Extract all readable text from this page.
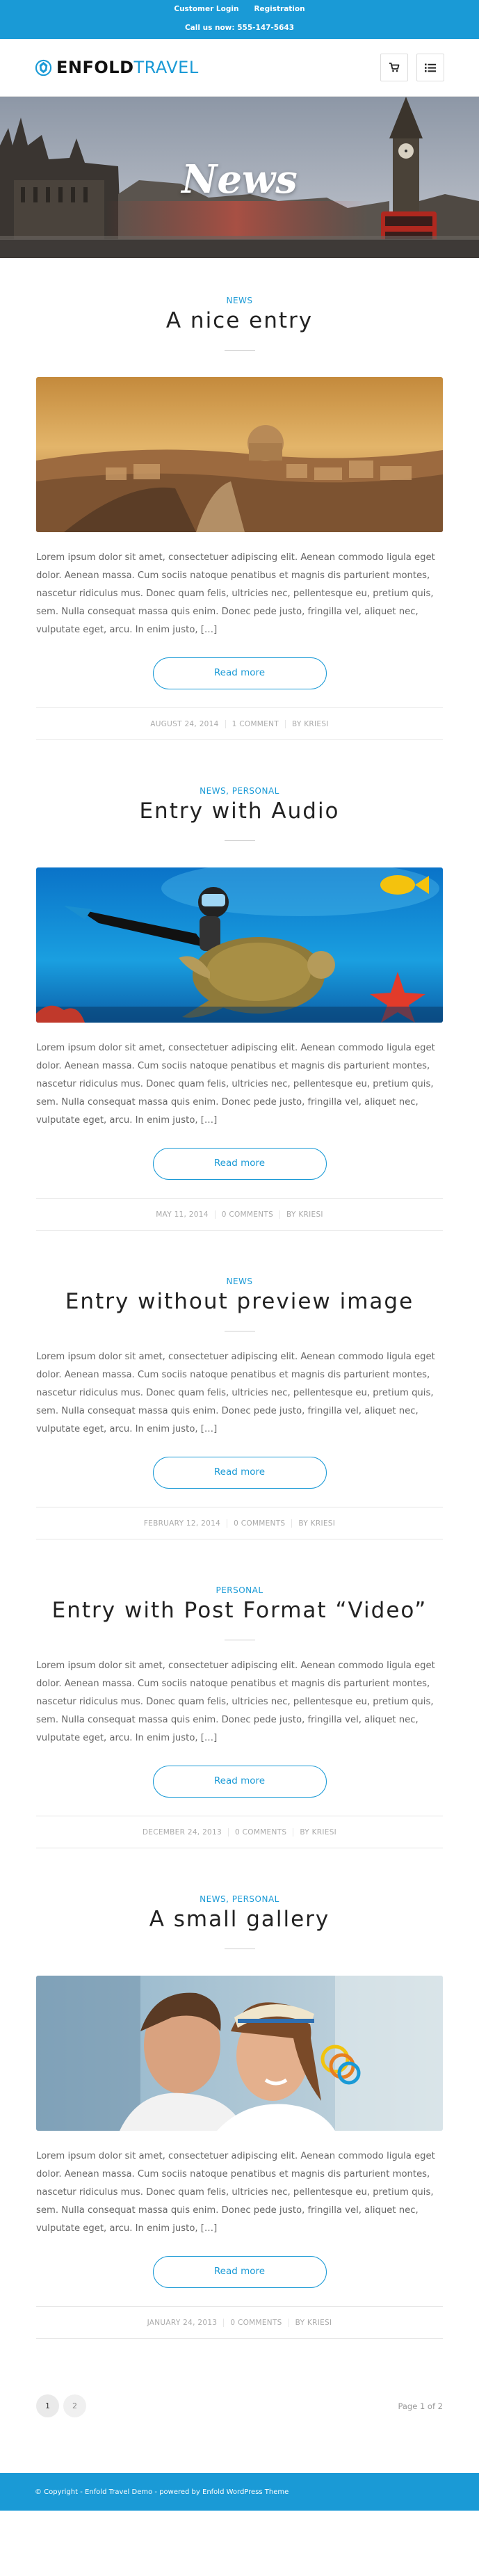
Customer Login Registration
Call us now: 555-147-5643
ENFOLDTRAVEL
News
NEWS
A nice entry

Lorem ipsum dolor sit amet, consectetuer adipiscing elit. Aenean commodo ligula eget dolor. Aenean massa. Cum sociis natoque penatibus et magnis dis parturient montes, nascetur ridiculus mus. Donec quam felis, ultricies nec, pellentesque eu, pretium quis, sem. Nulla consequat massa quis enim. Donec pede justo, fringilla vel, aliquet nec, vulputate eget, arcu. In enim justo, […]

Read more
AUGUST 24, 2014	1 COMMENT	BY KRIESI
NEWS, PERSONAL
Entry with Audio

Lorem ipsum dolor sit amet, consectetuer adipiscing elit. Aenean commodo ligula eget dolor. Aenean massa. Cum sociis natoque penatibus et magnis dis parturient montes, nascetur ridiculus mus. Donec quam felis, ultricies nec, pellentesque eu, pretium quis, sem. Nulla consequat massa quis enim. Donec pede justo, fringilla vel, aliquet nec, vulputate eget, arcu. In enim justo, […]

Read more
MAY 11, 2014	0 COMMENTS	BY KRIESI
NEWS
Entry without preview image

Lorem ipsum dolor sit amet, consectetuer adipiscing elit. Aenean commodo ligula eget dolor. Aenean massa. Cum sociis natoque penatibus et magnis dis parturient montes, nascetur ridiculus mus. Donec quam felis, ultricies nec, pellentesque eu, pretium quis, sem. Nulla consequat massa quis enim. Donec pede justo, fringilla vel, aliquet nec, vulputate eget, arcu. In enim justo, […]

Read more
FEBRUARY 12, 2014	0 COMMENTS	BY KRIESI
PERSONAL
Entry with Post Format “Video”

Lorem ipsum dolor sit amet, consectetuer adipiscing elit. Aenean commodo ligula eget dolor. Aenean massa. Cum sociis natoque penatibus et magnis dis parturient montes, nascetur ridiculus mus. Donec quam felis, ultricies nec, pellentesque eu, pretium quis, sem. Nulla consequat massa quis enim. Donec pede justo, fringilla vel, aliquet nec, vulputate eget, arcu. In enim justo, […]

Read more
DECEMBER 24, 2013	0 COMMENTS	BY KRIESI
NEWS, PERSONAL
A small gallery

Lorem ipsum dolor sit amet, consectetuer adipiscing elit. Aenean commodo ligula eget dolor. Aenean massa. Cum sociis natoque penatibus et magnis dis parturient montes, nascetur ridiculus mus. Donec quam felis, ultricies nec, pellentesque eu, pretium quis, sem. Nulla consequat massa quis enim. Donec pede justo, fringilla vel, aliquet nec, vulputate eget, arcu. In enim justo, […]

Read more
JANUARY 24, 2013	0 COMMENTS	BY KRIESI
1	2	Page 1 of 2
© Copyright - Enfold Travel Demo - powered by Enfold WordPress Theme
